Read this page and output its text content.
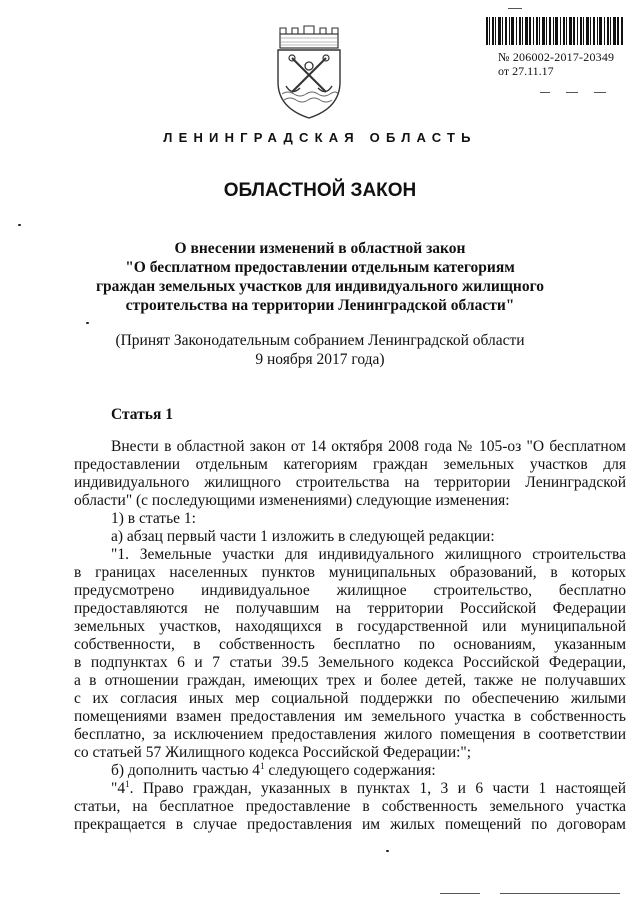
№ 206002-2017-20349
от 27.11.17
ЛЕНИНГРАДСКАЯ ОБЛАСТЬ
ОБЛАСТНОЙ ЗАКОН
О внесении изменений в областной закон
"О бесплатном предоставлении отдельным категориям
граждан земельных участков для индивидуального жилищного
строительства на территории Ленинградской области"
(Принят Законодательным собранием Ленинградской области
9 ноября 2017 года)
Статья 1
Внести в областной закон от 14 октября 2008 года № 105-оз "О бесплатном
предоставлении отдельным категориям граждан земельных участков для
индивидуального жилищного строительства на территории Ленинградской
области" (с последующими изменениями) следующие изменения:
1) в статье 1:
а) абзац первый части 1 изложить в следующей редакции:
"1. Земельные участки для индивидуального жилищного строительства
в границах населенных пунктов муниципальных образований, в которых
предусмотрено индивидуальное жилищное строительство, бесплатно
предоставляются не получавшим на территории Российской Федерации
земельных участков, находящихся в государственной или муниципальной
собственности, в собственность бесплатно по основаниям, указанным
в подпунктах 6 и 7 статьи 39.5 Земельного кодекса Российской Федерации,
а в отношении граждан, имеющих трех и более детей, также не получавших
с их согласия иных мер социальной поддержки по обеспечению жилыми
помещениями взамен предоставления им земельного участка в собственность
бесплатно, за исключением предоставления жилого помещения в соответствии
со статьей 57 Жилищного кодекса Российской Федерации:";
б) дополнить частью $4^1$ следующего содержания:
"$4^1$. Право граждан, указанных в пунктах 1, 3 и 6 части 1 настоящей
статьи, на бесплатное предоставление в собственность земельного участка
прекращается в случае предоставления им жилых помещений по договорам
